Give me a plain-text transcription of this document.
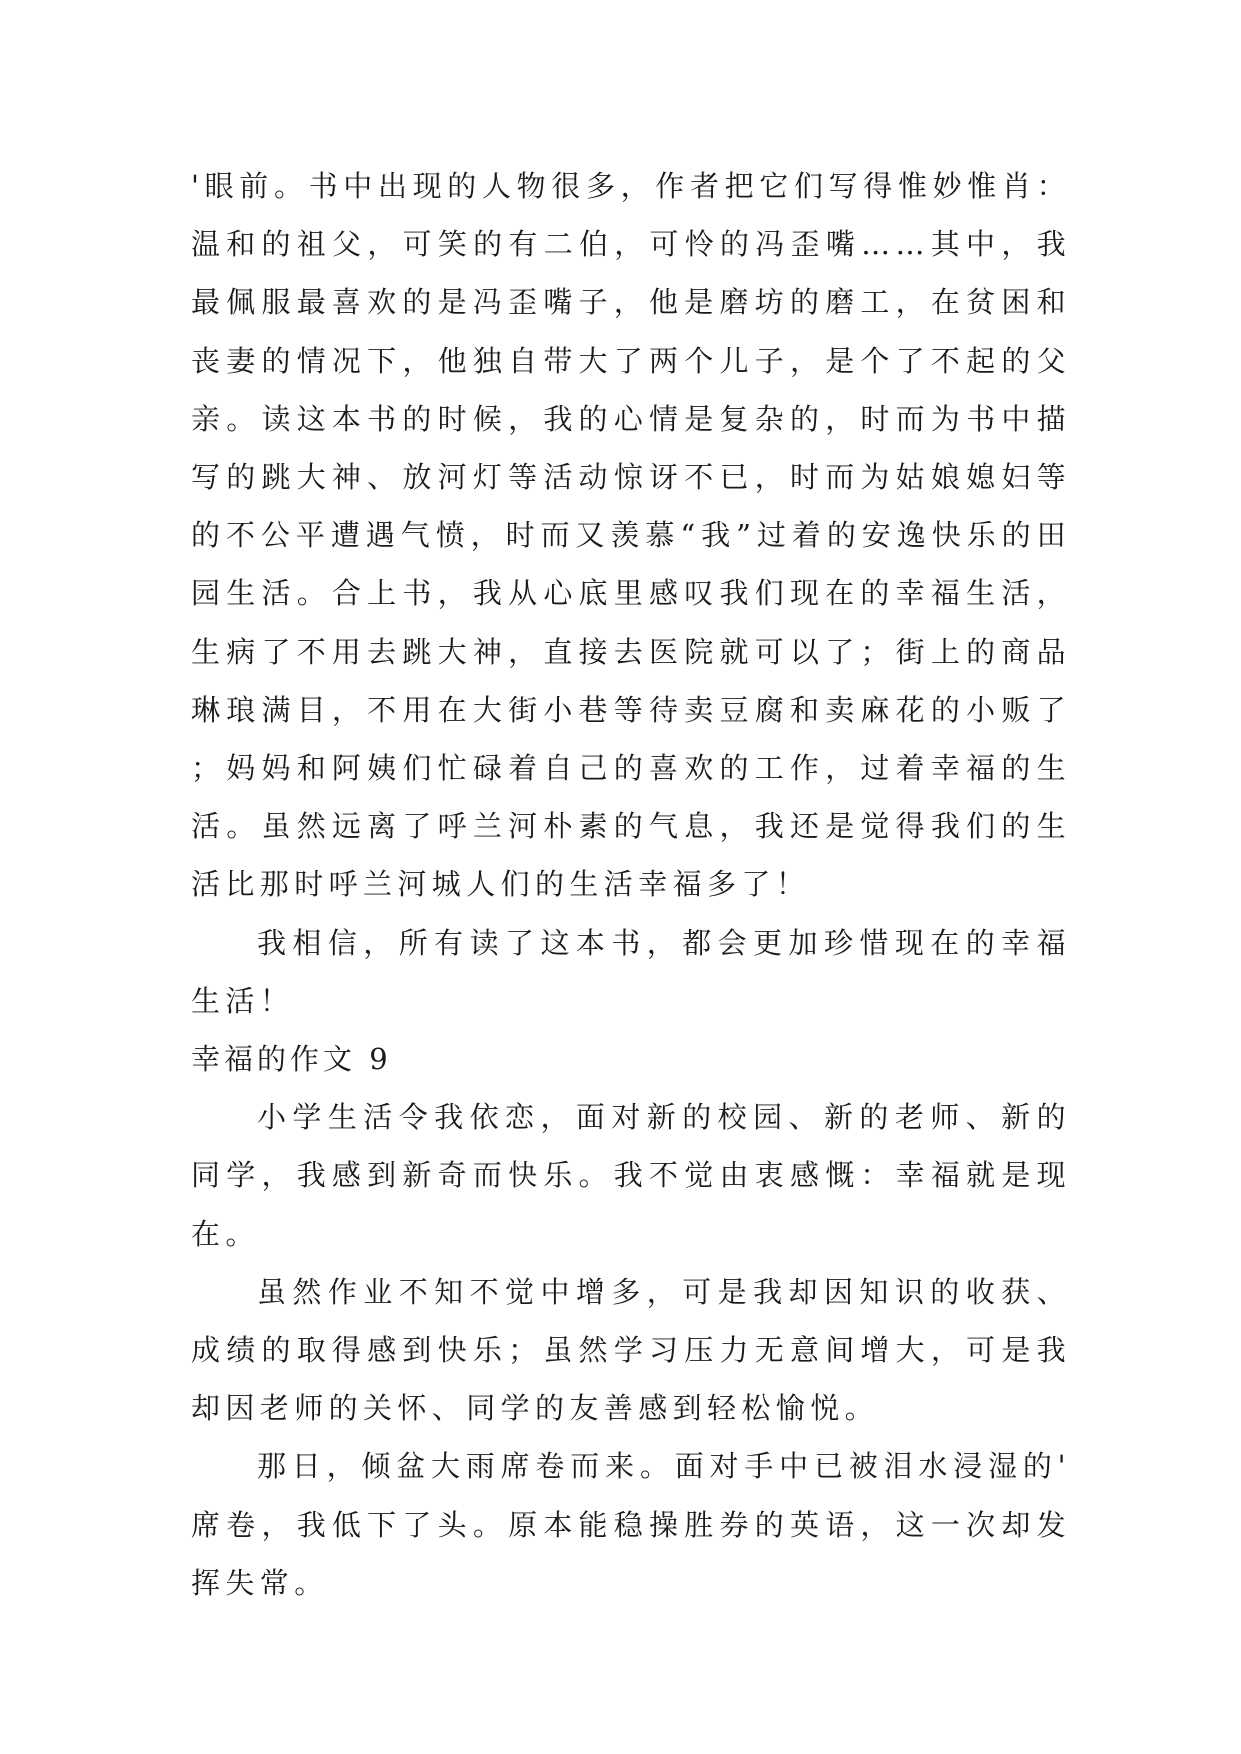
'眼前。书中出现的人物很多，作者把它们写得惟妙惟肖：温和的祖父，可笑的有二伯，可怜的冯歪嘴……其中，我最佩服最喜欢的是冯歪嘴子，他是磨坊的磨工，在贫困和丧妻的情况下，他独自带大了两个儿子，是个了不起的父亲。读这本书的时候，我的心情是复杂的，时而为书中描写的跳大神、放河灯等活动惊讶不已，时而为姑娘媳妇等的不公平遭遇气愤，时而又羡慕“我”过着的安逸快乐的田园生活。合上书，我从心底里感叹我们现在的幸福生活，生病了不用去跳大神，直接去医院就可以了；街上的商品琳琅满目，不用在大街小巷等待卖豆腐和卖麻花的小贩了；妈妈和阿姨们忙碌着自己的喜欢的工作，过着幸福的生活。虽然远离了呼兰河朴素的气息，我还是觉得我们的生活比那时呼兰河城人们的生活幸福多了！

我相信，所有读了这本书，都会更加珍惜现在的幸福生活！

幸福的作文 9

小学生活令我依恋，面对新的校园、新的老师、新的同学，我感到新奇而快乐。我不觉由衷感慨：幸福就是现在。

虽然作业不知不觉中增多，可是我却因知识的收获、成绩的取得感到快乐；虽然学习压力无意间增大，可是我却因老师的关怀、同学的友善感到轻松愉悦。

那日，倾盆大雨席卷而来。面对手中已被泪水浸湿的'席卷，我低下了头。原本能稳操胜券的英语，这一次却发挥失常。
